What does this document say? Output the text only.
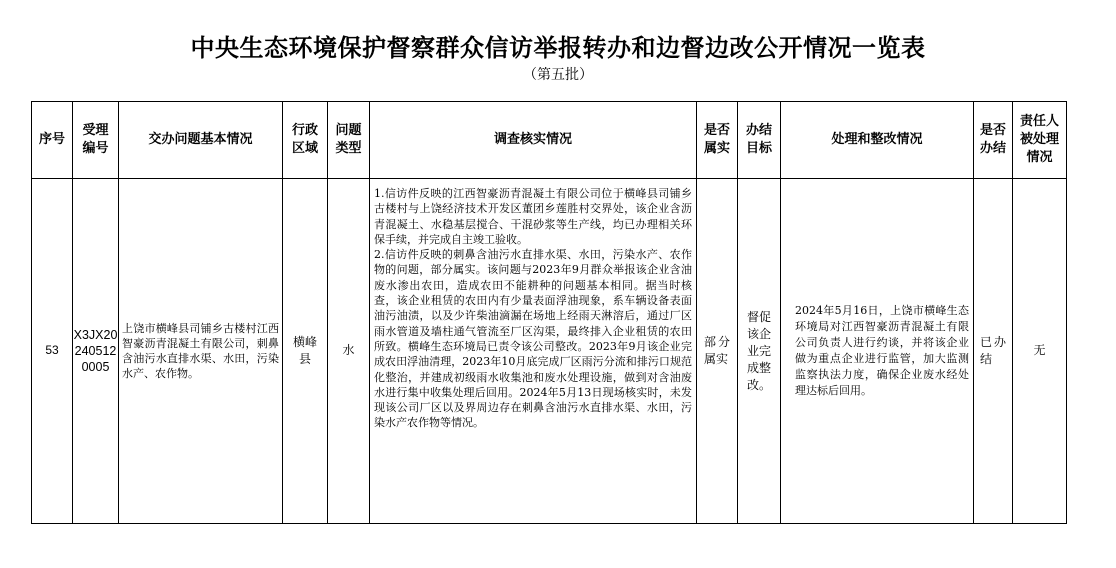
中央生态环境保护督察群众信访举报转办和边督边改公开情况一览表
（第五批）
序号	受理编号	交办问题基本情况	行政区域	问题类型	调查核实情况	是否属实	办结目标	处理和整改情况	是否办结	责任人被处理情况
53	X3JX202405120005	上饶市横峰县司铺乡古楼村江西智豪沥青混凝土有限公司，刺鼻含油污水直排水渠、水田，污染水产、农作物。	横峰县	水	1.信访件反映的江西智豪沥青混凝土有限公司位于横峰县司铺乡古楼村与上饶经济技术开发区董团乡莲胜村交界处，该企业含沥青混凝土、水稳基层搅合、干混砂浆等生产线，均已办理相关环保手续，并完成自主竣工验收。

2.信访件反映的刺鼻含油污水直排水渠、水田，污染水产、农作物的问题，部分属实。该问题与2023年9月群众举报该企业含油废水渗出农田，造成农田不能耕种的问题基本相同。据当时核查，该企业租赁的农田内有少量表面浮油现象，系车辆设备表面油污油渍，以及少许柴油滴漏在场地上经雨天淋溶后，通过厂区雨水管道及墙柱通气管流至厂区沟渠，最终排入企业租赁的农田所致。横峰生态环境局已责令该公司整改。2023年9月该企业完成农田浮油清理，2023年10月底完成厂区雨污分流和排污口规范化整治，并建成初级雨水收集池和废水处理设施，做到对含油废水进行集中收集处理后回用。2024年5月13日现场核实时，未发现该公司厂区以及界周边存在刺鼻含油污水直排水渠、水田，污染水产农作物等情况。	部分属实	督促该企业完成整改。	2024年5月16日，上饶市横峰生态环境局对江西智豪沥青混凝土有限公司负责人进行约谈，并将该企业做为重点企业进行监管，加大监测监察执法力度，确保企业废水经处理达标后回用。	已办结	无
